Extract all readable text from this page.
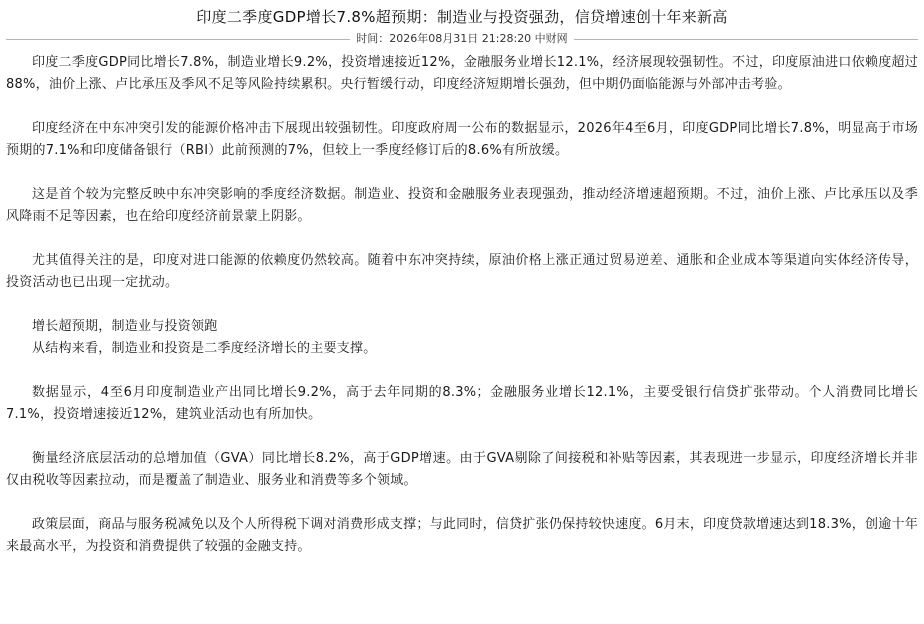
印度二季度GDP增长7.8%超预期：制造业与投资强劲，信贷增速创十年来新高
时间：2026年08月31日 21:28:20 中财网

印度二季度GDP同比增长7.8%，制造业增长9.2%，投资增速接近12%，金融服务业增长12.1%，经济展现较强韧性。不过，印度原油进口依赖度超过88%，油价上涨、卢比承压及季风不足等风险持续累积。央行暂缓行动，印度经济短期增长强劲，但中期仍面临能源与外部冲击考验。

印度经济在中东冲突引发的能源价格冲击下展现出较强韧性。印度政府周一公布的数据显示，2026年4至6月，印度GDP同比增长7.8%，明显高于市场预期的7.1%和印度储备银行（RBI）此前预测的7%，但较上一季度经修订后的8.6%有所放缓。

这是首个较为完整反映中东冲突影响的季度经济数据。制造业、投资和金融服务业表现强劲，推动经济增速超预期。不过，油价上涨、卢比承压以及季风降雨不足等因素，也在给印度经济前景蒙上阴影。

尤其值得关注的是，印度对进口能源的依赖度仍然较高。随着中东冲突持续，原油价格上涨正通过贸易逆差、通胀和企业成本等渠道向实体经济传导，投资活动也已出现一定扰动。

增长超预期，制造业与投资领跑

从结构来看，制造业和投资是二季度经济增长的主要支撑。

数据显示，4至6月印度制造业产出同比增长9.2%，高于去年同期的8.3%；金融服务业增长12.1%，主要受银行信贷扩张带动。个人消费同比增长7.1%，投资增速接近12%，建筑业活动也有所加快。

衡量经济底层活动的总增加值（GVA）同比增长8.2%，高于GDP增速。由于GVA剔除了间接税和补贴等因素，其表现进一步显示，印度经济增长并非仅由税收等因素拉动，而是覆盖了制造业、服务业和消费等多个领域。

政策层面，商品与服务税减免以及个人所得税下调对消费形成支撑；与此同时，信贷扩张仍保持较快速度。6月末，印度贷款增速达到18.3%，创逾十年来最高水平，为投资和消费提供了较强的金融支持。
